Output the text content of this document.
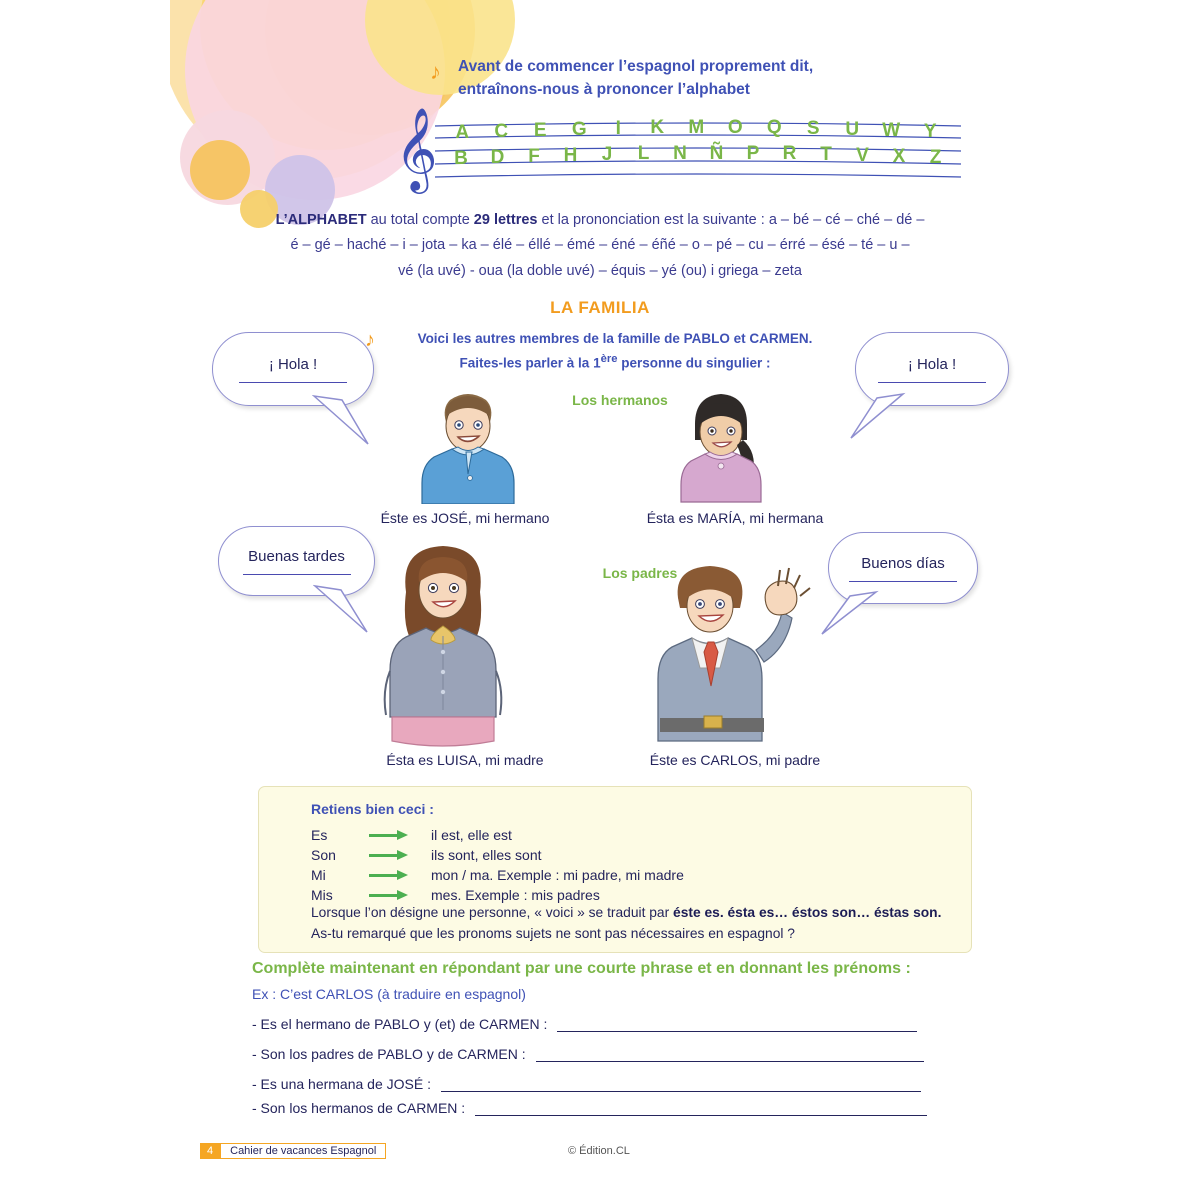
♪ Avant de commencer l’espagnol proprement dit,
entraînons-nous à prononcer l’alphabet

𝄞 A C E G I K M O Q S U W Y
B D F H J L N Ñ P R T V X Z
L’ALPHABET au total compte 29 lettres et la prononciation est la suivante : a – bé – cé – ché – dé –
é – gé – haché – i – jota – ka – élé – éllé – émé – éné – éñé – o – pé – cu – érré – ésé – té – u –
vé (la uvé) - oua (la doble uvé) – équis – yé (ou) i griega – zeta
LA FAMILIA
♪	Voici les autres membres de la famille de PABLO et CARMEN.
Faites-les parler à la 1ère personne du singulier :
Los hermanos
Los padres
¡ Hola !	¡ Hola !
Buenas tardes	Buenos días
Éste es JOSÉ, mi hermano	Ésta es MARÍA, mi hermana
Ésta es LUISA, mi madre	Éste es CARLOS, mi padre
Retiens bien ceci :
Es		il est, elle est
Son		ils sont, elles sont
Mi		mon / ma. Exemple : mi padre, mi madre
Mis		mes. Exemple : mis padres
Lorsque l’on désigne une personne, « voici » se traduit par éste es. ésta es… éstos son… éstas son.
As-tu remarqué que les pronoms sujets ne sont pas nécessaires en espagnol ?
Complète maintenant en répondant par une courte phrase et en donnant les prénoms :
Ex : C’est CARLOS (à traduire en espagnol)
- Es el hermano de PABLO y (et) de CARMEN :
- Son los padres de PABLO y de CARMEN :
- Es una hermana de JOSÉ :
- Son los hermanos de CARMEN :
4	Cahier de vacances Espagnol	© Édition.CL
